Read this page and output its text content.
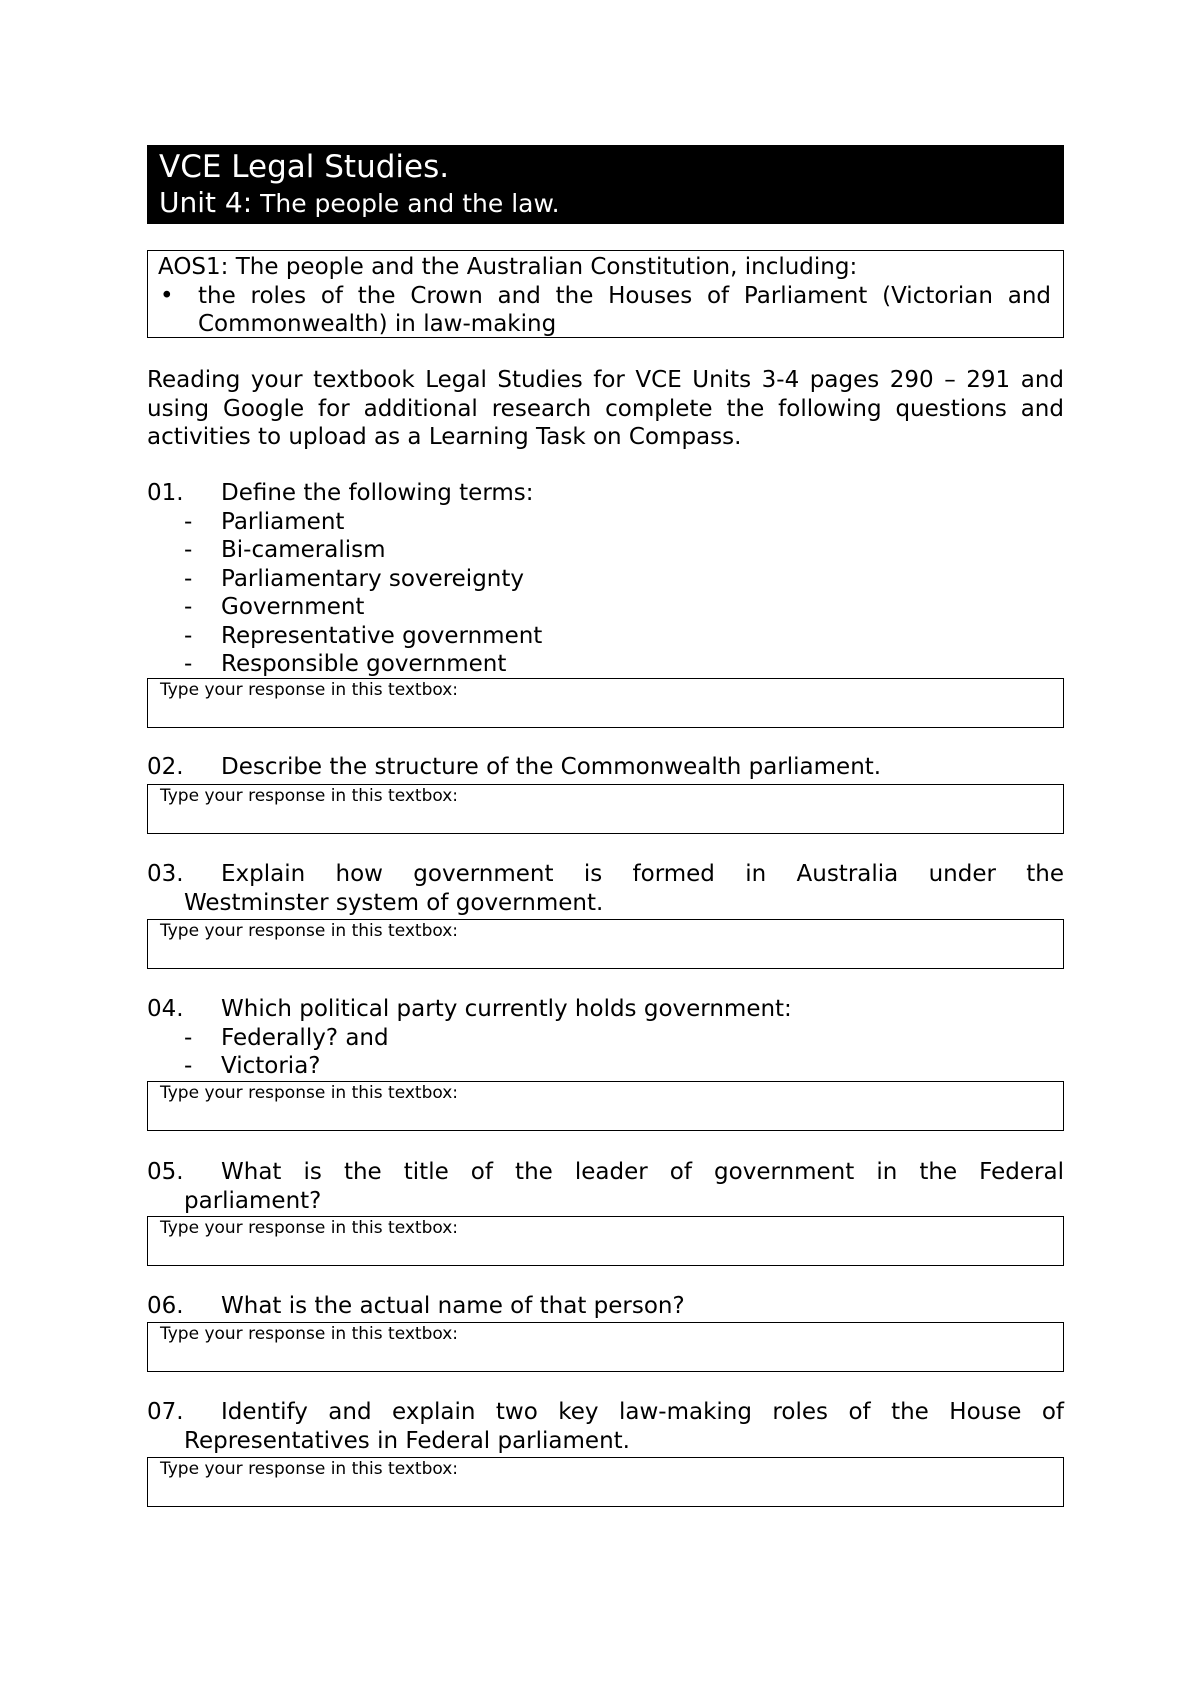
VCE Legal Studies.
Unit 4: The people and the law.
AOS1: The people and the Australian Constitution, including:
•	the roles of the Crown and the Houses of Parliament (Victorian and Commonwealth) in law-making
Reading your textbook Legal Studies for VCE Units 3-4 pages 290 – 291 and using Google for additional research complete the following questions and activities to upload as a Learning Task on Compass.
01.	Define the following terms:
-	Parliament
-	Bi-cameralism
-	Parliamentary sovereignty
-	Government
-	Representative government
-	Responsible government
Type your response in this textbox:
02.	Describe the structure of the Commonwealth parliament.
Type your response in this textbox:
03.	Explain how government is formed in Australia under the
Westminster system of government.
Type your response in this textbox:
04.	Which political party currently holds government:
-	Federally? and
-	Victoria?
Type your response in this textbox:
05.	What is the title of the leader of government in the Federal
parliament?
Type your response in this textbox:
06.	What is the actual name of that person?
Type your response in this textbox:
07.	Identify and explain two key law-making roles of the House of
Representatives in Federal parliament.
Type your response in this textbox:
